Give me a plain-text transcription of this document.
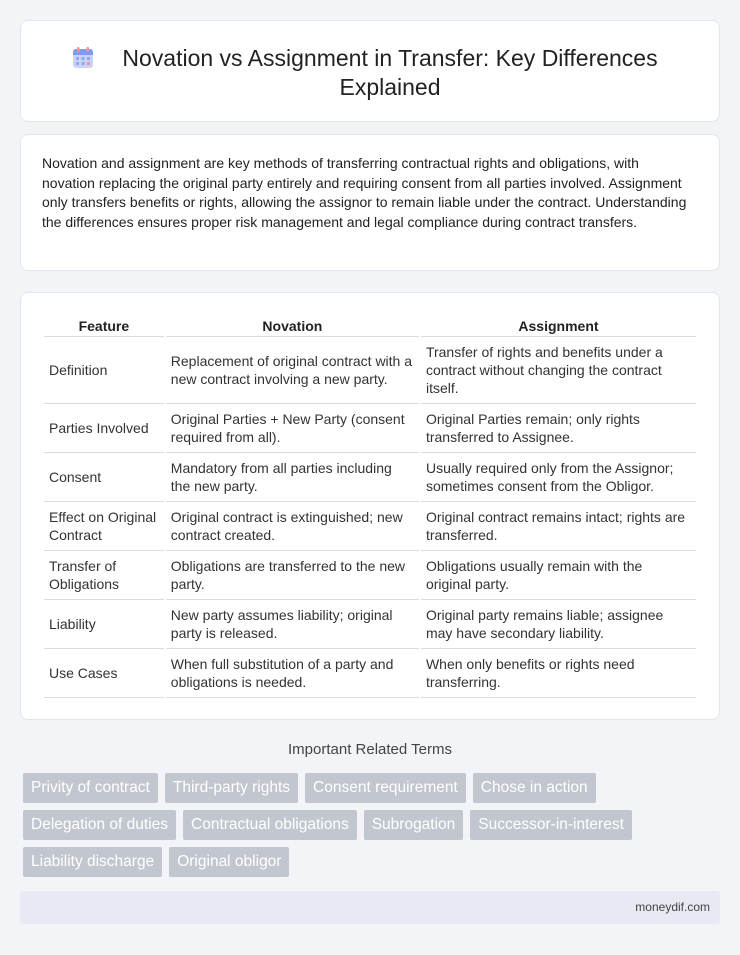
Novation vs Assignment in Transfer: Key Differences Explained

Novation and assignment are key methods of transferring contractual rights and obligations, with novation replacing the original party entirely and requiring consent from all parties involved. Assignment only transfers benefits or rights, allowing the assignor to remain liable under the contract. Understanding the differences ensures proper risk management and legal compliance during contract transfers.

Feature	Novation	Assignment
Definition	Replacement of original contract with a new contract involving a new party.	Transfer of rights and benefits under a contract without changing the contract itself.
Parties Involved	Original Parties + New Party (consent required from all).	Original Parties remain; only rights transferred to Assignee.
Consent	Mandatory from all parties including the new party.	Usually required only from the Assignor; sometimes consent from the Obligor.
Effect on Original Contract	Original contract is extinguished; new contract created.	Original contract remains intact; rights are transferred.
Transfer of Obligations	Obligations are transferred to the new party.	Obligations usually remain with the original party.
Liability	New party assumes liability; original party is released.	Original party remains liable; assignee may have secondary liability.
Use Cases	When full substitution of a party and obligations is needed.	When only benefits or rights need transferring.
Important Related Terms
Privity of contract	Third-party rights	Consent requirement	Chose in action
Delegation of duties	Contractual obligations	Subrogation	Successor-in-interest
Liability discharge	Original obligor
moneydif.com
